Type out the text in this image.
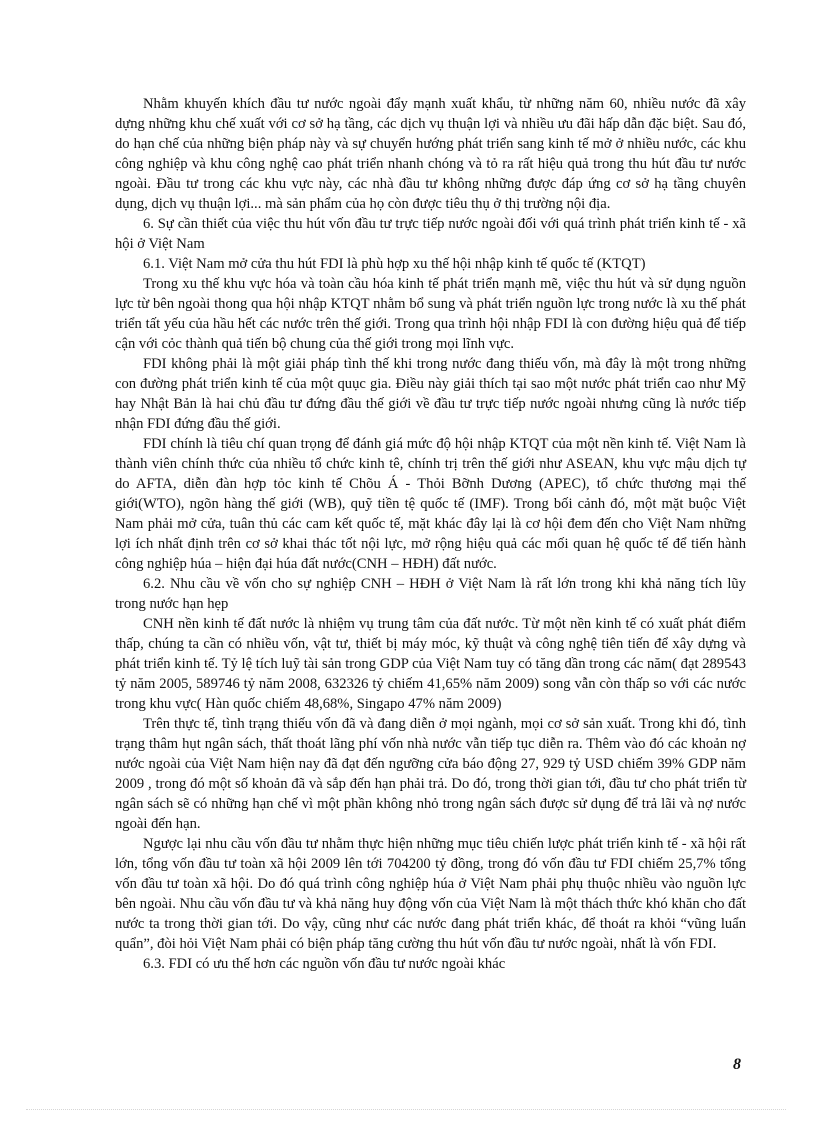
Nhằm khuyến khích đầu tư nước ngoài đẩy mạnh xuất khẩu, từ những năm 60, nhiều nước đã xây dựng những khu chế xuất với cơ sở hạ tầng, các dịch vụ thuận lợi và nhiều ưu đãi hấp dẫn đặc biệt. Sau đó, do hạn chế của những biện pháp này và sự chuyển hướng phát triển sang kinh tế mở ở nhiều nước, các khu công nghiệp và khu công nghệ cao phát triển nhanh chóng và tỏ ra rất hiệu quả trong thu hút đầu tư nước ngoài. Đầu tư trong các khu vực này, các nhà đầu tư không những được đáp ứng cơ sở hạ tầng chuyên dụng, dịch vụ thuận lợi... mà sản phẩm của họ còn được tiêu thụ ở thị trường nội địa.

6. Sự cần thiết của việc thu hút vốn đầu tư trực tiếp nước ngoài đối với quá trình phát triển kinh tế - xã hội ở Việt Nam

6.1. Việt Nam mở cửa thu hút FDI là phù hợp xu thế hội nhập kinh tế quốc tế (KTQT)

Trong xu thế khu vực hóa và toàn cầu hóa kinh tế phát triển mạnh mẽ, việc thu hút và sử dụng nguồn lực từ bên ngoài thong qua hội nhập KTQT nhằm bổ sung và phát triển nguồn lực trong nước là xu thế phát triển tất yếu của hầu hết các nước trên thế giới. Trong qua trình hội nhập FDI là con đường hiệu quả để tiếp cận với cỏc thành quả tiến bộ chung của thế giới trong mọi lĩnh vực.

FDI không phải là một giải pháp tình thế khi trong nước đang thiếu vốn, mà đây là một trong những con đường phát triển kinh tế của một quục gia. Điều này giải thích tại sao một nước phát triển cao như Mỹ hay Nhật Bản là hai chủ đầu tư đứng đầu thế giới về đầu tư trực tiếp nước ngoài nhưng cũng là nước tiếp nhận FDI đứng đầu thế giới.

FDI chính là tiêu chí quan trọng để đánh giá mức độ hội nhập KTQT của một nền kinh tế. Việt Nam là thành viên chính thức của nhiều tổ chức kinh tê, chính trị trên thế giới như ASEAN, khu vực mậu dịch tự do AFTA, diễn đàn hợp tỏc kinh tế Chõu Á - Thỏi Bỡnh Dương (APEC), tổ chức thương mại thế giới(WTO), ngõn hàng thế giới (WB), quỹ tiền tệ quốc tế (IMF). Trong bối cảnh đó, một mặt buộc Việt Nam phải mở cửa, tuân thủ các cam kết quốc tế, mặt khác đây lại là cơ hội đem đến cho Việt Nam những lợi ích nhất định trên cơ sở khai thác tốt nội lực, mở rộng hiệu quả các mối quan hệ quốc tế để tiến hành công nghiệp húa – hiện đại húa đất nước(CNH – HĐH) đất nước.

6.2. Nhu cầu về vốn cho sự nghiệp CNH – HĐH ở Việt Nam là rất lớn trong khi khả năng tích lũy trong nước hạn hẹp

CNH nền kinh tế đất nước là nhiệm vụ trung tâm của đất nước. Từ một nền kinh tế có xuất phát điểm thấp, chúng ta cần có nhiều vốn, vật tư, thiết bị máy móc, kỹ thuật và công nghệ tiên tiến để xây dựng và phát triển kinh tế. Tỷ lệ tích luỹ tài sản trong GDP của Việt Nam tuy có tăng dần trong các năm( đạt 289543 tỷ năm 2005, 589746 tỷ năm 2008, 632326 tỷ chiếm 41,65% năm 2009) song vẫn còn thấp so với các nước trong khu vực( Hàn quốc chiếm 48,68%, Singapo 47% năm 2009)

Trên thực tế, tình trạng thiếu vốn đã và đang diễn ở mọi ngành, mọi cơ sở sản xuất. Trong khi đó, tình trạng thâm hụt ngân sách, thất thoát lãng phí vốn nhà nước vẫn tiếp tục diễn ra. Thêm vào đó các khoản nợ nước ngoài của Việt Nam hiện nay đã đạt đến ngưỡng cửa báo động 27, 929 tỷ USD chiếm 39% GDP năm 2009 , trong đó một số khoản đã và sắp đến hạn phải trả. Do đó, trong thời gian tới, đầu tư cho phát triển từ ngân sách sẽ có những hạn chế vì một phần không nhỏ trong ngân sách được sử dụng để trả lãi và nợ nước ngoài đến hạn.

Ngược lại nhu cầu vốn đầu tư nhằm thực hiện những mục tiêu chiến lược phát triển kinh tế - xã hội rất lớn, tổng vốn đầu tư toàn xã hội 2009 lên tới 704200 tỷ đồng, trong đó vốn đầu tư FDI chiếm 25,7% tổng vốn đầu tư toàn xã hội. Do đó quá trình công nghiệp húa ở Việt Nam phải phụ thuộc nhiều vào nguồn lực bên ngoài. Nhu cầu vốn đầu tư và khả năng huy động vốn của Việt Nam là một thách thức khó khăn cho đất nước ta trong thời gian tới. Do vậy, cũng như các nước đang phát triển khác, để thoát ra khỏi “vũng luẩn quẩn”, đòi hỏi Việt Nam phải có biện pháp tăng cường thu hút vốn đầu tư nước ngoài, nhất là vốn FDI.

6.3. FDI có ưu thế hơn các nguồn vốn đầu tư nước ngoài khác

8
